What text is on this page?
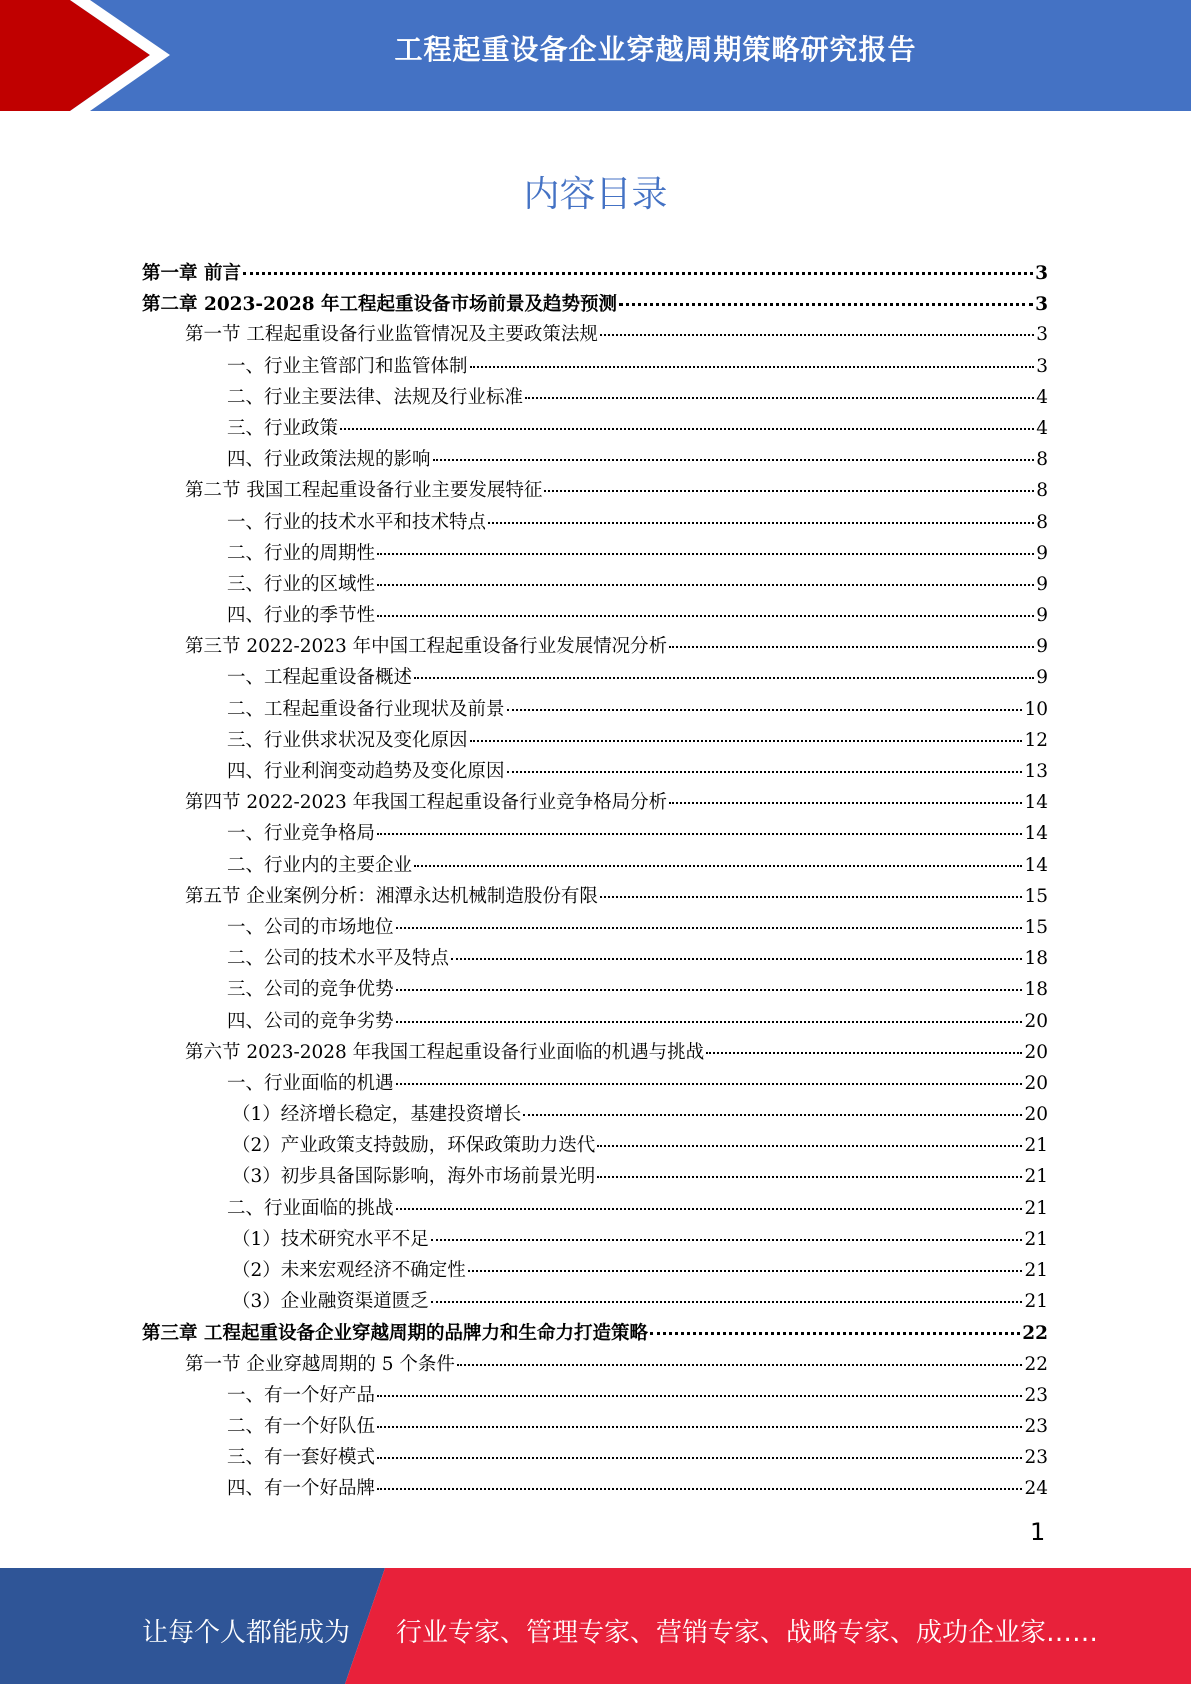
工程起重设备企业穿越周期策略研究报告
内容目录
第一章 前言	3
第二章 2023-2028 年工程起重设备市场前景及趋势预测	3
第一节 工程起重设备行业监管情况及主要政策法规	3
一、行业主管部门和监管体制	3
二、行业主要法律、法规及行业标准	4
三、行业政策	4
四、行业政策法规的影响	8
第二节 我国工程起重设备行业主要发展特征	8
一、行业的技术水平和技术特点	8
二、行业的周期性	9
三、行业的区域性	9
四、行业的季节性	9
第三节 2022-2023 年中国工程起重设备行业发展情况分析	9
一、工程起重设备概述	9
二、工程起重设备行业现状及前景	10
三、行业供求状况及变化原因	12
四、行业利润变动趋势及变化原因	13
第四节 2022-2023 年我国工程起重设备行业竞争格局分析	14
一、行业竞争格局	14
二、行业内的主要企业	14
第五节 企业案例分析：湘潭永达机械制造股份有限	15
一、公司的市场地位	15
二、公司的技术水平及特点	18
三、公司的竞争优势	18
四、公司的竞争劣势	20
第六节 2023-2028 年我国工程起重设备行业面临的机遇与挑战	20
一、行业面临的机遇	20
（1）经济增长稳定，基建投资增长	20
（2）产业政策支持鼓励，环保政策助力迭代	21
（3）初步具备国际影响，海外市场前景光明	21
二、行业面临的挑战	21
（1）技术研究水平不足	21
（2）未来宏观经济不确定性	21
（3）企业融资渠道匮乏	21
第三章 工程起重设备企业穿越周期的品牌力和生命力打造策略	22
第一节 企业穿越周期的 5 个条件	22
一、有一个好产品	23
二、有一个好队伍	23
三、有一套好模式	23
四、有一个好品牌	24
1
让每个人都能成为 行业专家、管理专家、营销专家、战略专家、成功企业家……
